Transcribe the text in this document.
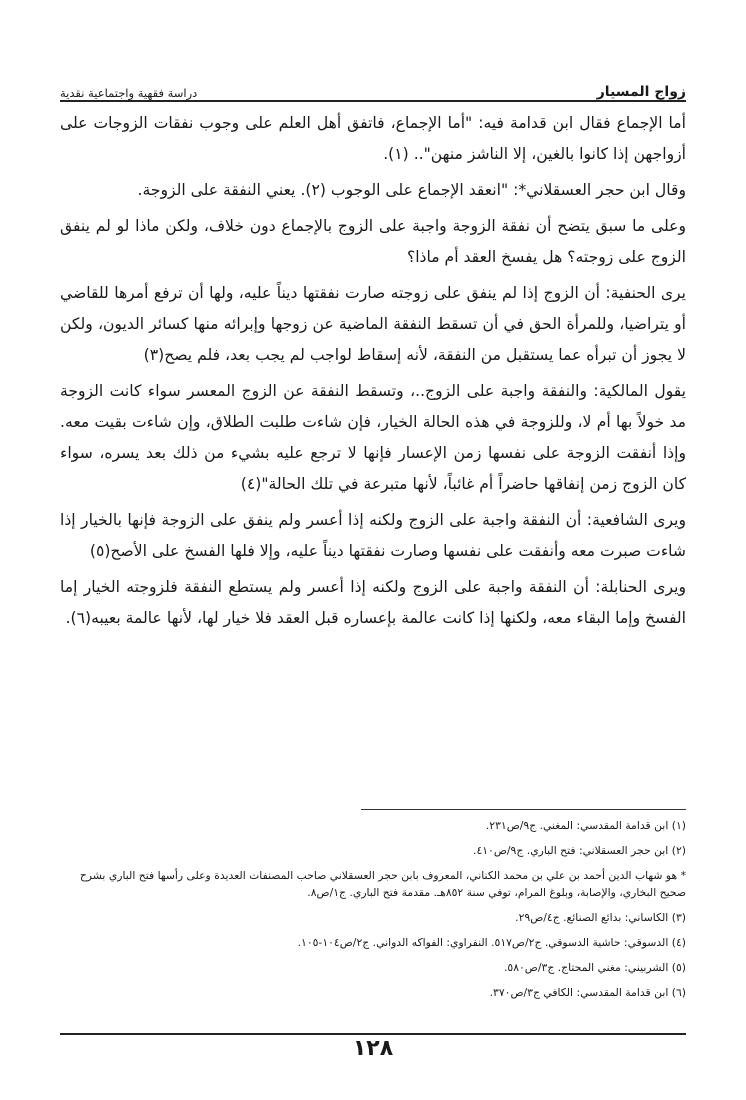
زواج المسيار
دراسة فقهية واجتماعية نقدية

أما الإجماع فقال ابن قدامة فيه: "أما الإجماع، فاتفق أهل العلم على وجوب نفقات الزوجات على أزواجهن إذا كانوا بالغين، إلا الناشز منهن".. (١).

وقال ابن حجر العسقلاني*: "انعقد الإجماع على الوجوب (٢). يعني النفقة على الزوجة.

وعلى ما سبق يتضح أن نفقة الزوجة واجبة على الزوج بالإجماع دون خلاف، ولكن ماذا لو لم ينفق الزوج على زوجته؟ هل يفسخ العقد أم ماذا؟

يرى الحنفية: أن الزوج إذا لم ينفق على زوجته صارت نفقتها ديناً عليه، ولها أن ترفع أمرها للقاضي أو يتراضيا، وللمرأة الحق في أن تسقط النفقة الماضية عن زوجها وإبرائه منها كسائر الديون، ولكن لا يجوز أن تبرأه عما يستقبل من النفقة، لأنه إسقاط لواجب لم يجب بعد، فلم يصح(٣)

يقول المالكية: والنفقة واجبة على الزوج..، وتسقط النفقة عن الزوج المعسر سواء كانت الزوجة مد خولاً بها أم لا، وللزوجة في هذه الحالة الخيار، فإن شاءت طلبت الطلاق، وإن شاءت بقيت معه. وإذا أنفقت الزوجة على نفسها زمن الإعسار فإنها لا ترجع عليه بشيء من ذلك بعد يسره، سواء كان الزوج زمن إنفاقها حاضراً أم غائباً، لأنها متبرعة في تلك الحالة"(٤)

ويرى الشافعية: أن النفقة واجبة على الزوج ولكنه إذا أعسر ولم ينفق على الزوجة فإنها بالخيار إذا شاءت صبرت معه وأنفقت على نفسها وصارت نفقتها ديناً عليه، وإلا فلها الفسخ على الأصح(٥)

ويرى الحنابلة: أن النفقة واجبة على الزوج ولكنه إذا أعسر ولم يستطع النفقة فلزوجته الخيار إما الفسخ وإما البقاء معه، ولكنها إذا كانت عالمة بإعساره قبل العقد فلا خيار لها، لأنها عالمة بعيبه(٦).

(١) ابن قدامة المقدسي: المغني. ج٩/ص٢٣١.
(٢) ابن حجر العسقلاني: فتح الباري. ج٩/ص٤١٠.
* هو شهاب الدين أحمد بن علي بن محمد الكناني، المعروف بابن حجر العسقلاني صاحب المصنفات العديدة وعلى رأسها فتح الباري بشرح صحيح البخاري، والإصابة، وبلوغ المرام، توفي سنة ٨٥٢هـ. مقدمة فتح الباري. ج١/ص٨.
(٣) الكاساني: بدائع الصنائع. ج٤/ص٢٩.
(٤) الدسوقي: حاشية الدسوقي. ج٢/ص٥١٧. النفراوي: الفواكه الدواني. ج٢/ص١٠٤-١٠٥.
(٥) الشربيني: مغني المحتاج. ج٣/ص٥٨٠.
(٦) ابن قدامة المقدسي: الكافي ج٣/ص٣٧٠.
١٢٨
